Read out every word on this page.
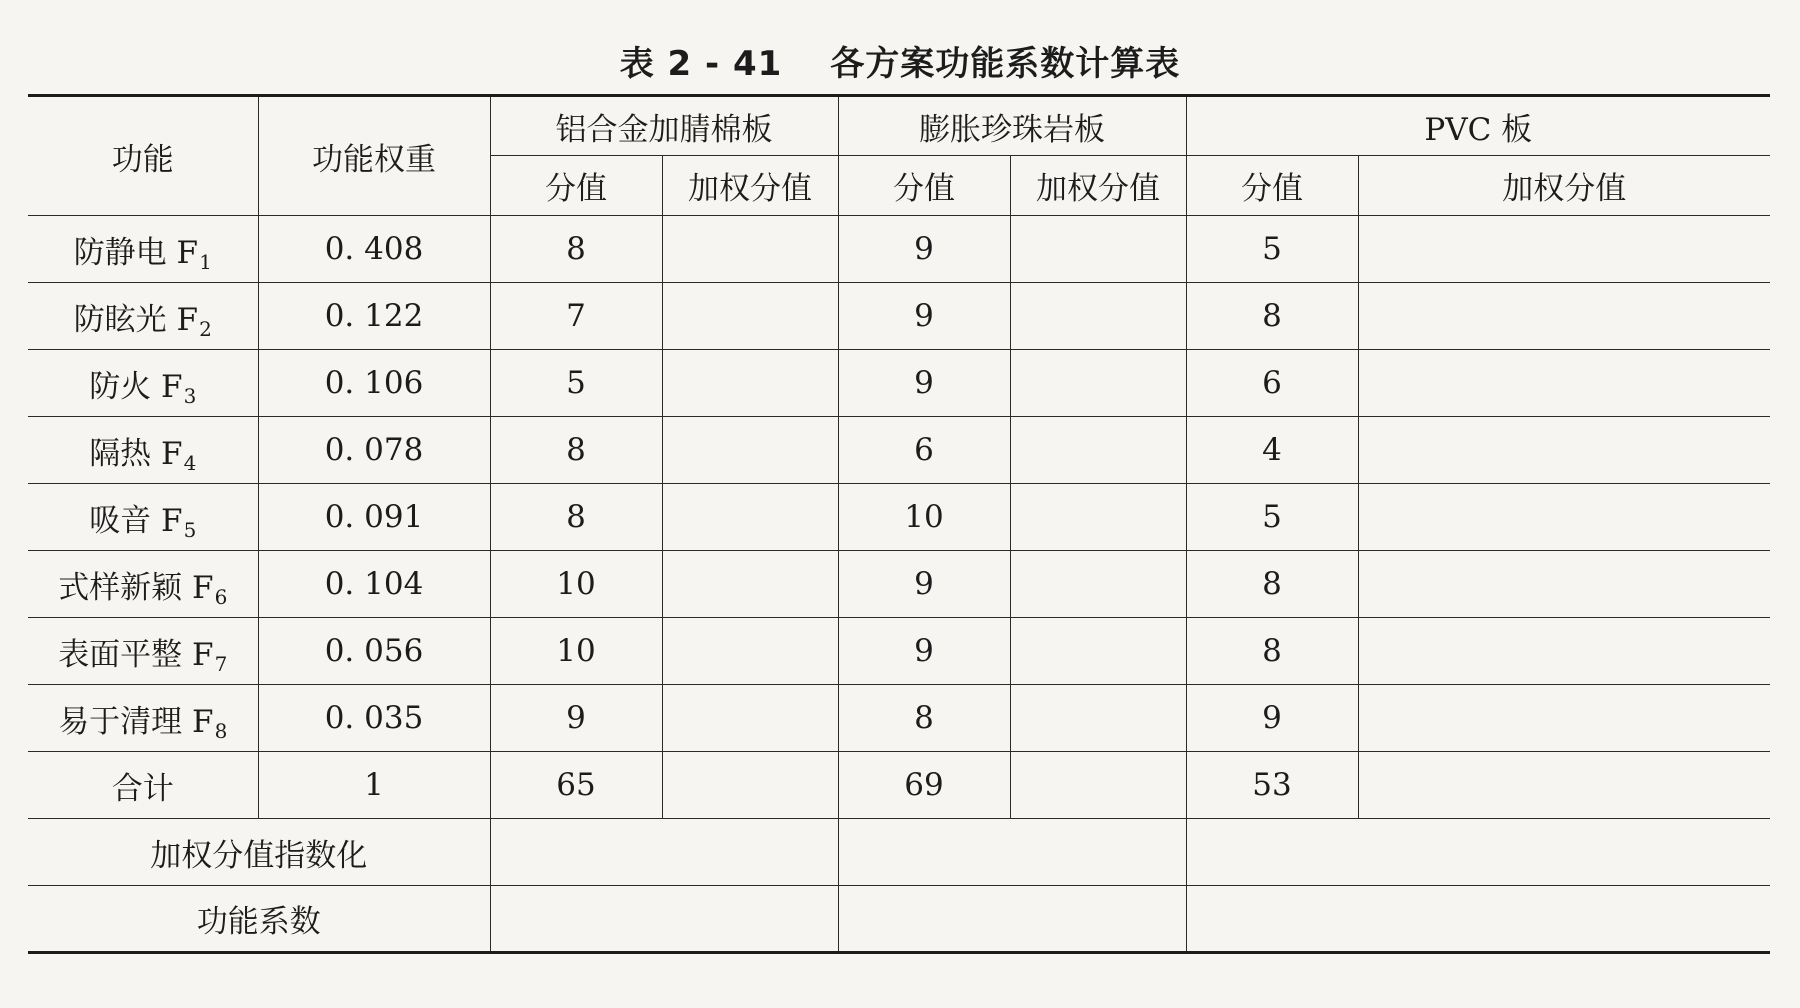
表 2 - 41 各方案功能系数计算表
功能	功能权重	铝合金加腈棉板		膨胀珍珠岩板		PVC 板	
		分值	加权分值	分值	加权分值	分值	加权分值
防静电 $F_1$	0. 408	8		9		5	
防眩光 $F_2$	0. 122	7		9		8	
防火 $F_3$	0. 106	5		9		6	
隔热 $F_4$	0. 078	8		6		4	
吸音 $F_5$	0. 091	8		10		5	
式样新颖 $F_6$	0. 104	10		9		8	
表面平整 $F_7$	0. 056	10		9		8	
易于清理 $F_8$	0. 035	9		8		9	
合计	1	65		69		53	
加权分值指数化							
功能系数							
